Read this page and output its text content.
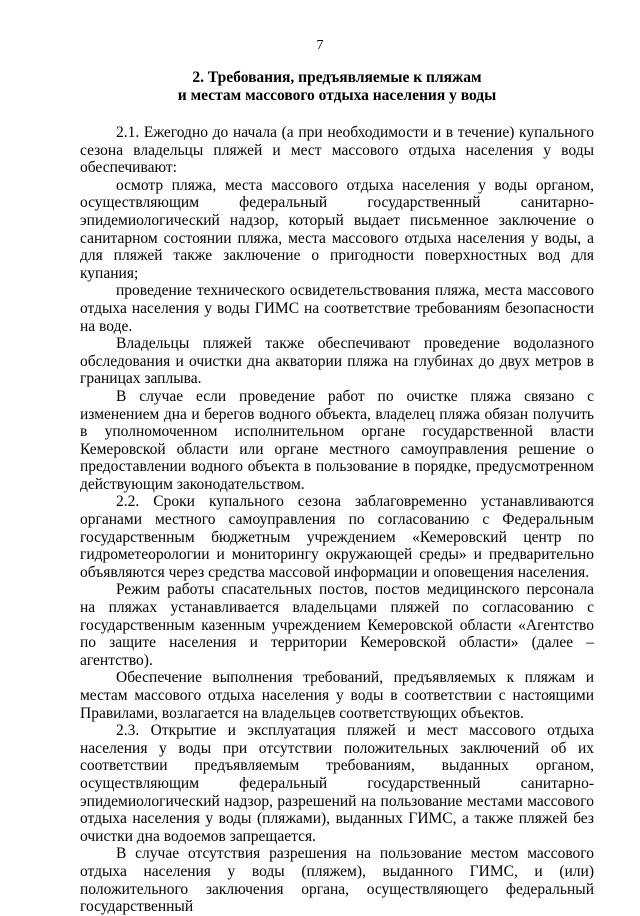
7
2. Требования, предъявляемые к пляжам
и местам массового отдыха населения у воды

2.1. Ежегодно до начала (а при необходимости и в течение) купального сезона владельцы пляжей и мест массового отдыха населения у воды обеспечивают:

осмотр пляжа, места массового отдыха населения у воды органом, осуществляющим федеральный государственный санитарно-эпидемиологический надзор, который выдает письменное заключение о санитарном состоянии пляжа, места массового отдыха населения у воды, а для пляжей также заключение о пригодности поверхностных вод для купания;

проведение технического освидетельствования пляжа, места массового отдыха населения у воды ГИМС на соответствие требованиям безопасности на воде.

Владельцы пляжей также обеспечивают проведение водолазного обследования и очистки дна акватории пляжа на глубинах до двух метров в границах заплыва.

В случае если проведение работ по очистке пляжа связано с изменением дна и берегов водного объекта, владелец пляжа обязан получить в уполномоченном исполнительном органе государственной власти Кемеровской области или органе местного самоуправления решение о предоставлении водного объекта в пользование в порядке, предусмотренном действующим законодательством.

2.2. Сроки купального сезона заблаговременно устанавливаются органами местного самоуправления по согласованию с Федеральным государственным бюджетным учреждением «Кемеровский центр по гидрометеорологии и мониторингу окружающей среды» и предварительно объявляются через средства массовой информации и оповещения населения.

Режим работы спасательных постов, постов медицинского персонала на пляжах устанавливается владельцами пляжей по согласованию с государственным казенным учреждением Кемеровской области «Агентство по защите населения и территории Кемеровской области» (далее – агентство).

Обеспечение выполнения требований, предъявляемых к пляжам и местам массового отдыха населения у воды в соответствии с настоящими Правилами, возлагается на владельцев соответствующих объектов.

2.3. Открытие и эксплуатация пляжей и мест массового отдыха населения у воды при отсутствии положительных заключений об их соответствии предъявляемым требованиям, выданных органом, осуществляющим федеральный государственный санитарно-эпидемиологический надзор, разрешений на пользование местами массового отдыха населения у воды (пляжами), выданных ГИМС, а также пляжей без очистки дна водоемов запрещается.

В случае отсутствия разрешения на пользование местом массового отдыха населения у воды (пляжем), выданного ГИМС, и (или) положительного заключения органа, осуществляющего федеральный государственный
